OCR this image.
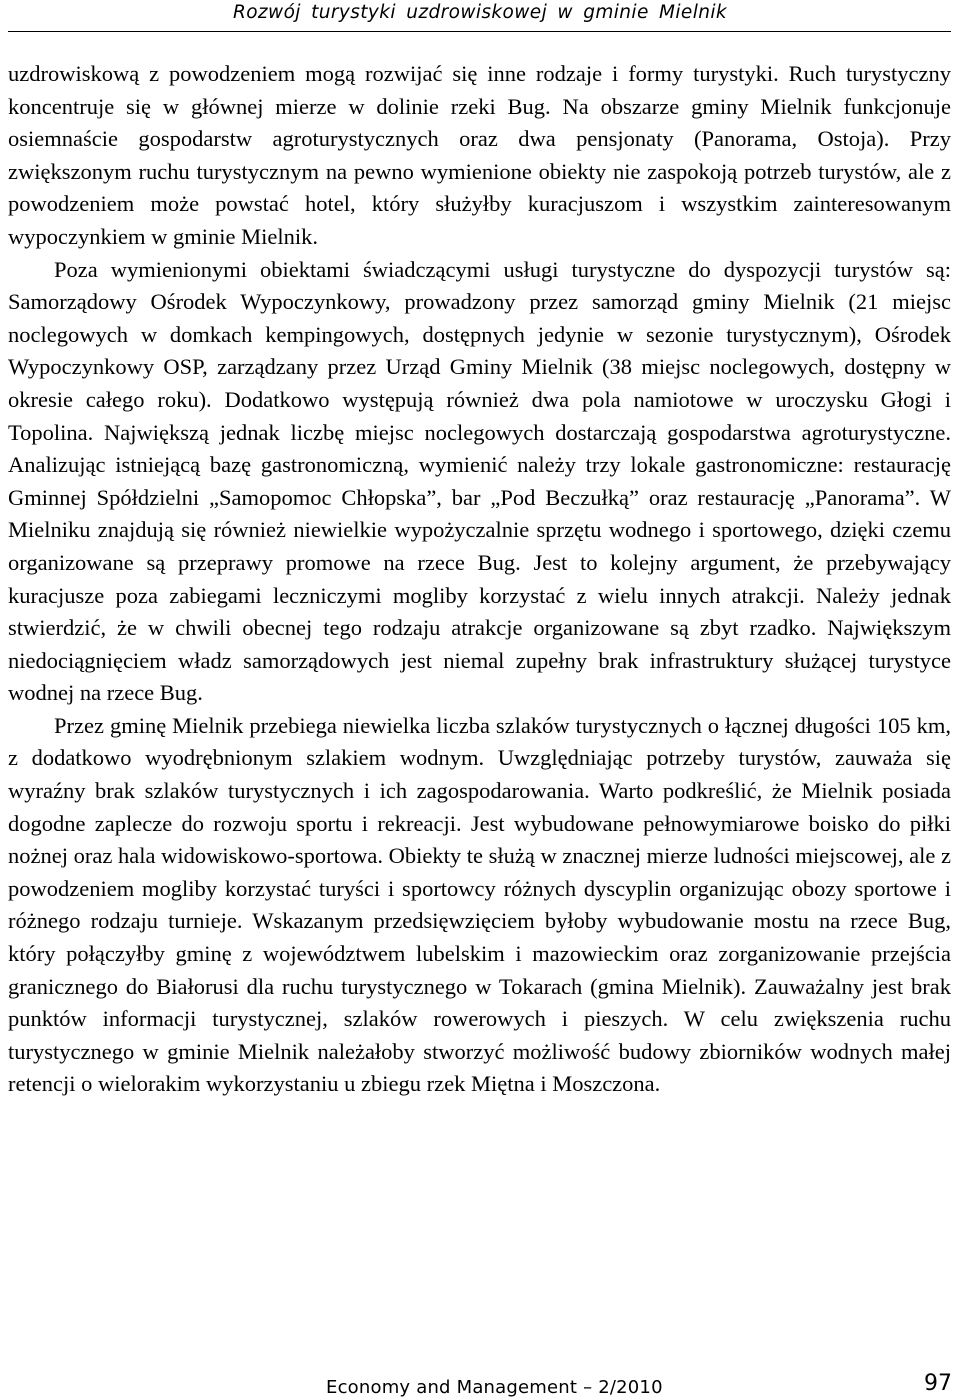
Rozwój turystyki uzdrowiskowej w gminie Mielnik

uzdrowiskową z powodzeniem mogą rozwijać się inne rodzaje i formy turystyki. Ruch turystyczny koncentruje się w głównej mierze w dolinie rzeki Bug. Na obszarze gminy Mielnik funkcjonuje osiemnaście gospodarstw agroturystycznych oraz dwa pensjonaty (Panorama, Ostoja). Przy zwiększonym ruchu turystycznym na pewno wymienione obiekty nie zaspokoją potrzeb turystów, ale z powodzeniem może powstać hotel, który służyłby kuracjuszom i wszystkim zainteresowanym wypoczynkiem w gminie Mielnik.

Poza wymienionymi obiektami świadczącymi usługi turystyczne do dyspozycji turystów są: Samorządowy Ośrodek Wypoczynkowy, prowadzony przez samorząd gminy Mielnik (21 miejsc noclegowych w domkach kempingowych, dostępnych jedynie w sezonie turystycznym), Ośrodek Wypoczynkowy OSP, zarządzany przez Urząd Gminy Mielnik (38 miejsc noclegowych, dostępny w okresie całego roku). Dodatkowo występują również dwa pola namiotowe w uroczysku Głogi i Topolina. Największą jednak liczbę miejsc noclegowych dostarczają gospodarstwa agroturystyczne. Analizując istniejącą bazę gastronomiczną, wymienić należy trzy lokale gastronomiczne: restaurację Gminnej Spółdzielni „Samopomoc Chłopska”, bar „Pod Beczułką” oraz restaurację „Panorama”. W Mielniku znajdują się również niewielkie wypożyczalnie sprzętu wodnego i sportowego, dzięki czemu organizowane są przeprawy promowe na rzece Bug. Jest to kolejny argument, że przebywający kuracjusze poza zabiegami leczniczymi mogliby korzystać z wielu innych atrakcji. Należy jednak stwierdzić, że w chwili obecnej tego rodzaju atrakcje organizowane są zbyt rzadko. Największym niedociągnięciem władz samorządowych jest niemal zupełny brak infrastruktury służącej turystyce wodnej na rzece Bug.

Przez gminę Mielnik przebiega niewielka liczba szlaków turystycznych o łącznej długości 105 km, z dodatkowo wyodrębnionym szlakiem wodnym. Uwzględniając potrzeby turystów, zauważa się wyraźny brak szlaków turystycznych i ich zagospodarowania. Warto podkreślić, że Mielnik posiada dogodne zaplecze do rozwoju sportu i rekreacji. Jest wybudowane pełnowymiarowe boisko do piłki nożnej oraz hala widowiskowo-sportowa. Obiekty te służą w znacznej mierze ludności miejscowej, ale z powodzeniem mogliby korzystać turyści i sportowcy różnych dyscyplin organizując obozy sportowe i różnego rodzaju turnieje. Wskazanym przedsięwzięciem byłoby wybudowanie mostu na rzece Bug, który połączyłby gminę z województwem lubelskim i mazowieckim oraz zorganizowanie przejścia granicznego do Białorusi dla ruchu turystycznego w Tokarach (gmina Mielnik). Zauważalny jest brak punktów informacji turystycznej, szlaków rowerowych i pieszych. W celu zwiększenia ruchu turystycznego w gminie Mielnik należałoby stworzyć możliwość budowy zbiorników wodnych małej retencji o wielorakim wykorzystaniu u zbiegu rzek Miętna i Moszczona.

Economy and Management – 2/2010	97
